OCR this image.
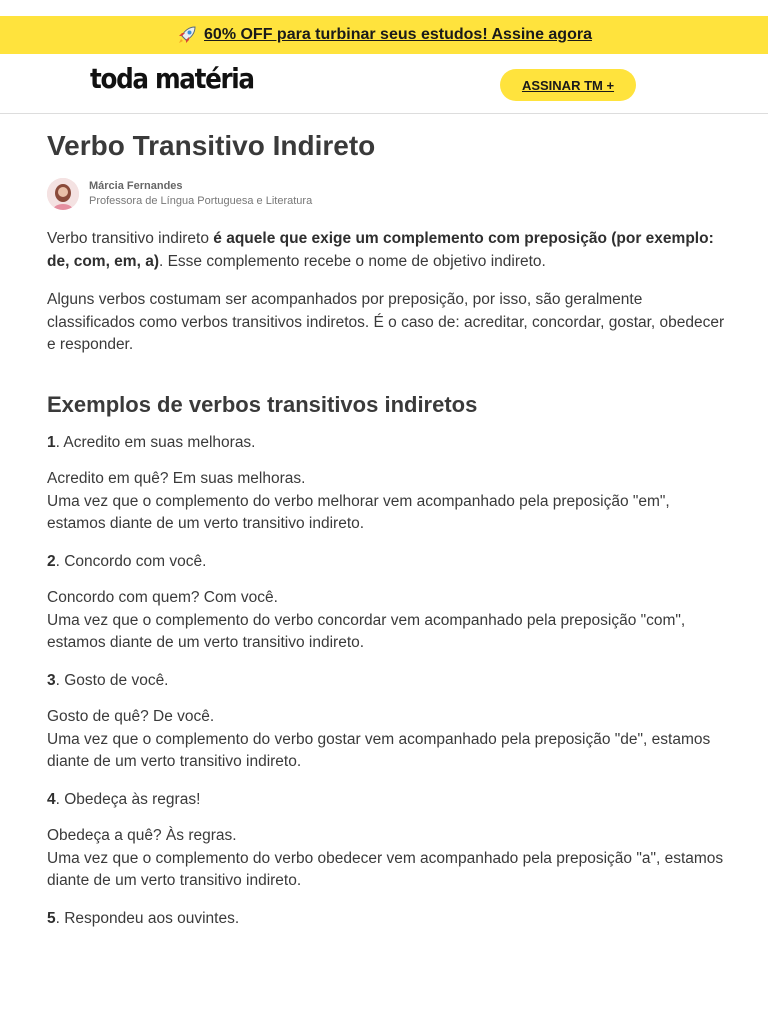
60% OFF para turbinar seus estudos! Assine agora
toda matéria	ASSINAR TM +
Verbo Transitivo Indireto
Márcia Fernandes
Professora de Língua Portuguesa e Literatura

Verbo transitivo indireto é aquele que exige um complemento com preposição (por exemplo: de, com, em, a). Esse complemento recebe o nome de objetivo indireto.

Alguns verbos costumam ser acompanhados por preposição, por isso, são geralmente classificados como verbos transitivos indiretos. É o caso de: acreditar, concordar, gostar, obedecer e responder.

Exemplos de verbos transitivos indiretos

1. Acredito em suas melhoras.

Acredito em quê? Em suas melhoras.
Uma vez que o complemento do verbo melhorar vem acompanhado pela preposição "em", estamos diante de um verto transitivo indireto.

2. Concordo com você.

Concordo com quem? Com você.
Uma vez que o complemento do verbo concordar vem acompanhado pela preposição "com", estamos diante de um verto transitivo indireto.

3. Gosto de você.

Gosto de quê? De você.
Uma vez que o complemento do verbo gostar vem acompanhado pela preposição "de", estamos diante de um verto transitivo indireto.

4. Obedeça às regras!

Obedeça a quê? Às regras.
Uma vez que o complemento do verbo obedecer vem acompanhado pela preposição "a", estamos diante de um verto transitivo indireto.

5. Respondeu aos ouvintes.
